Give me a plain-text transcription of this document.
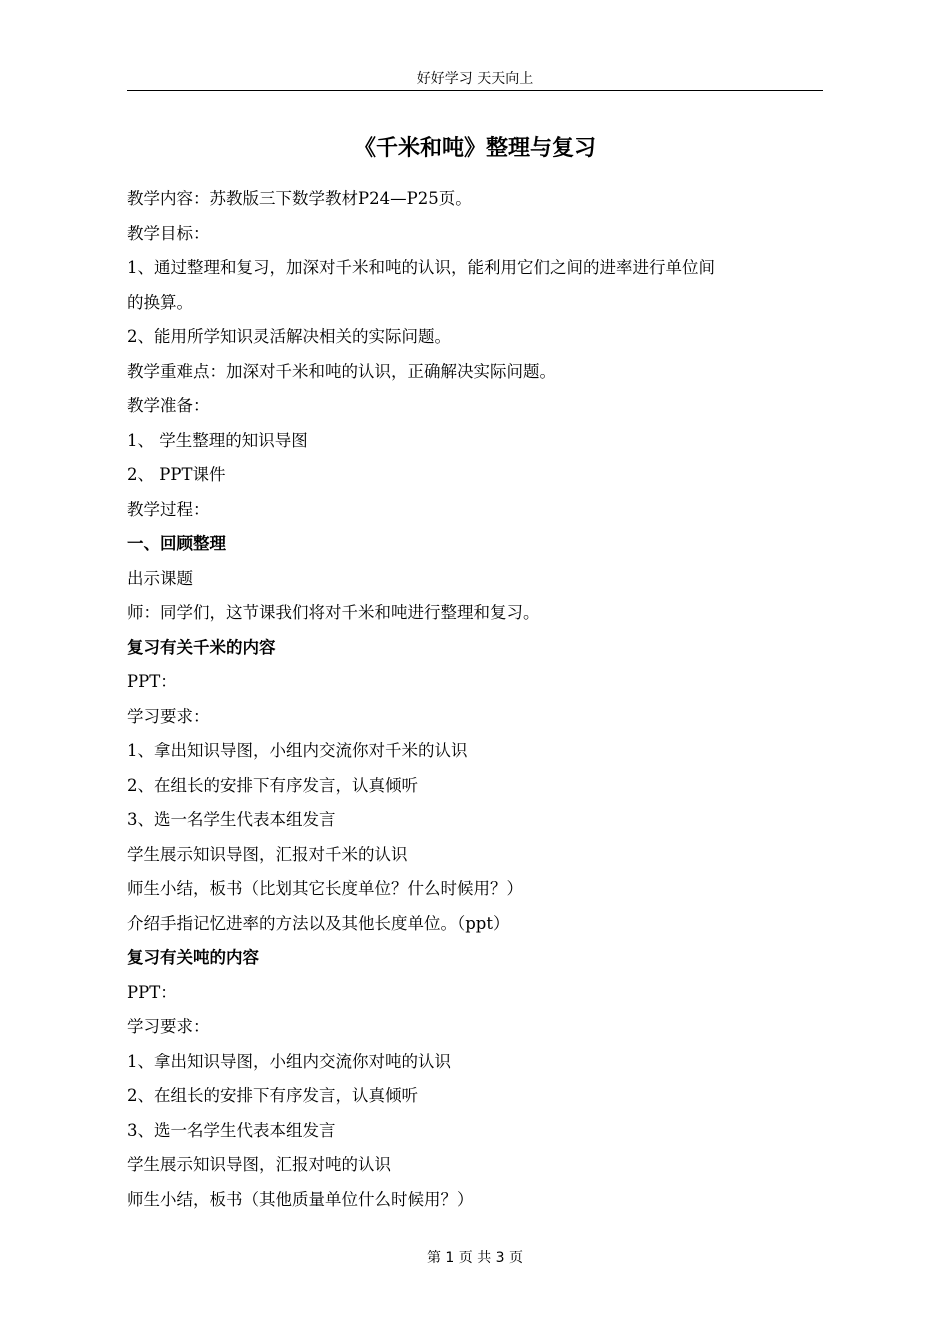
好好学习 天天向上
《千米和吨》整理与复习
教学内容：苏教版三下数学教材P24—P25页。
教学目标：
1、通过整理和复习，加深对千米和吨的认识，能利用它们之间的进率进行单位间
的换算。
2、能用所学知识灵活解决相关的实际问题。
教学重难点：加深对千米和吨的认识，正确解决实际问题。
教学准备：
1、 学生整理的知识导图
2、 PPT课件
教学过程：
一、回顾整理
出示课题
师：同学们，这节课我们将对千米和吨进行整理和复习。
复习有关千米的内容
PPT：
学习要求：
1、拿出知识导图，小组内交流你对千米的认识
2、在组长的安排下有序发言，认真倾听
3、选一名学生代表本组发言
学生展示知识导图，汇报对千米的认识
师生小结，板书（比划其它长度单位？什么时候用？）
介绍手指记忆进率的方法以及其他长度单位。（ppt）
复习有关吨的内容
PPT：
学习要求：
1、拿出知识导图，小组内交流你对吨的认识
2、在组长的安排下有序发言，认真倾听
3、选一名学生代表本组发言
学生展示知识导图，汇报对吨的认识
师生小结，板书（其他质量单位什么时候用？）
第 1 页 共 3 页
